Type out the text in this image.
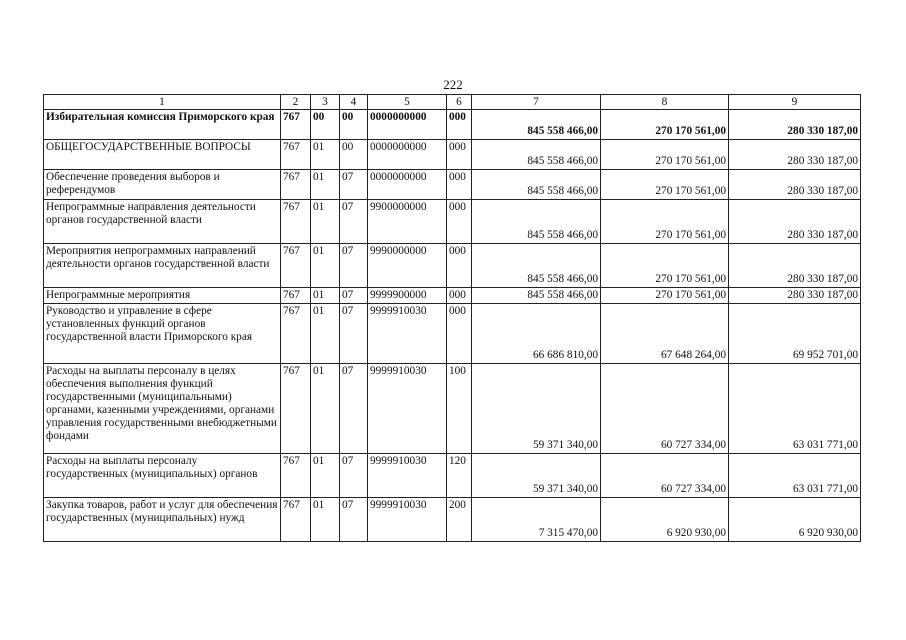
222
1	2	3	4	5	6	7	8	9
Избирательная комиссия Приморского края	767	00	00	0000000000	000	845 558 466,00	270 170 561,00	280 330 187,00
ОБЩЕГОСУДАРСТВЕННЫЕ ВОПРОСЫ	767	01	00	0000000000	000	845 558 466,00	270 170 561,00	280 330 187,00
Обеспечение проведения выборов и референдумов	767	01	07	0000000000	000	845 558 466,00	270 170 561,00	280 330 187,00
Непрограммные направления деятельности органов государственной власти	767	01	07	9900000000	000	845 558 466,00	270 170 561,00	280 330 187,00
Мероприятия непрограммных направлений деятельности органов государственной власти	767	01	07	9990000000	000	845 558 466,00	270 170 561,00	280 330 187,00
Непрограммные мероприятия	767	01	07	9999900000	000	845 558 466,00	270 170 561,00	280 330 187,00
Руководство и управление в сфере установленных функций органов государственной власти Приморского края	767	01	07	9999910030	000	66 686 810,00	67 648 264,00	69 952 701,00
Расходы на выплаты персоналу в целях обеспечения выполнения функций государственными (муниципальными) органами, казенными учреждениями, органами управления государственными внебюджетными фондами	767	01	07	9999910030	100	59 371 340,00	60 727 334,00	63 031 771,00
Расходы на выплаты персоналу государственных (муниципальных) органов	767	01	07	9999910030	120	59 371 340,00	60 727 334,00	63 031 771,00
Закупка товаров, работ и услуг для обеспечения государственных (муниципальных) нужд	767	01	07	9999910030	200	7 315 470,00	6 920 930,00	6 920 930,00
